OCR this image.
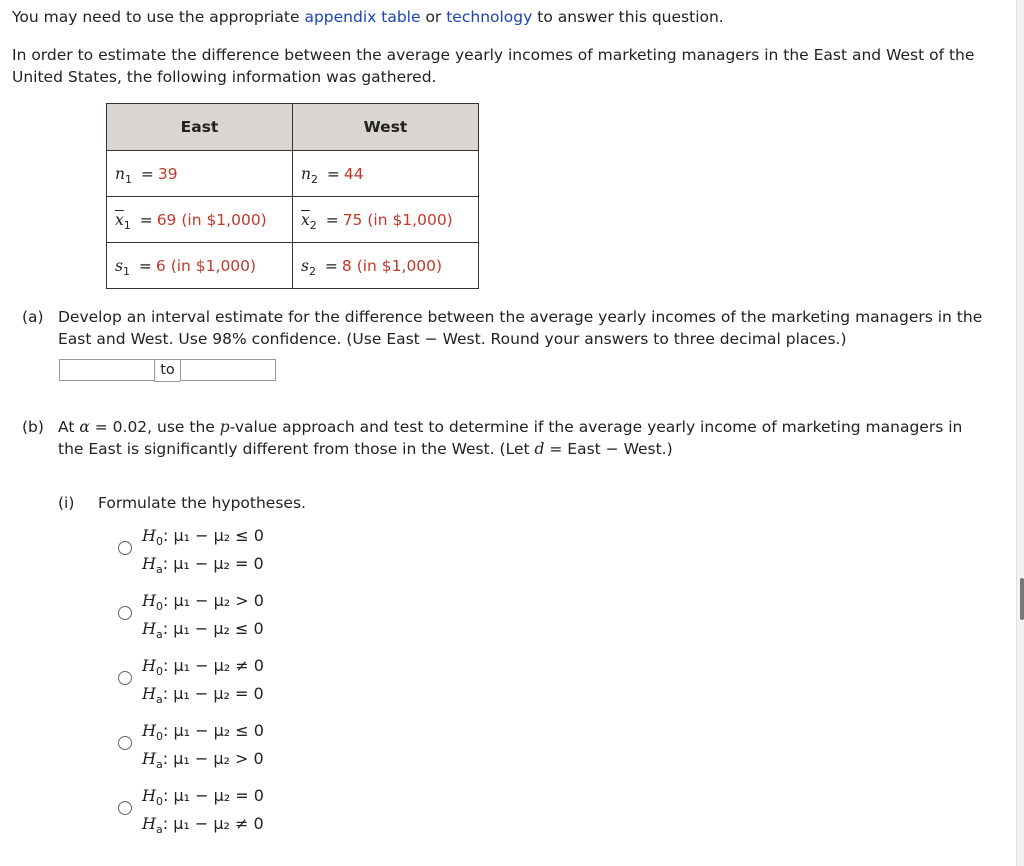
You may need to use the appropriate appendix table or technology to answer this question.
In order to estimate the difference between the average yearly incomes of marketing managers in the East and West of the
United States, the following information was gathered.
East	West
$n_1 = 39$	$n_2 = 44$
$\overline{x}_1 = 69$ (in $1,000)	$\overline{x}_2 = 75$ (in $1,000)
$s_1 = 6$ (in $1,000)	$s_2 = 8$ (in $1,000)
(a) Develop an interval estimate for the difference between the average yearly incomes of the marketing managers in the
East and West. Use 98% confidence. (Use East − West. Round your answers to three decimal places.)
to
(b) At α = 0.02, use the p-value approach and test to determine if the average yearly income of marketing managers in
the East is significantly different from those in the West. (Let d = East − West.)
(i) Formulate the hypotheses.
$H_0$: μ₁ − μ₂ ≤ 0
$H_a$: μ₁ − μ₂ = 0
$H_0$: μ₁ − μ₂ > 0
$H_a$: μ₁ − μ₂ ≤ 0
$H_0$: μ₁ − μ₂ ≠ 0
$H_a$: μ₁ − μ₂ = 0
$H_0$: μ₁ − μ₂ ≤ 0
$H_a$: μ₁ − μ₂ > 0
$H_0$: μ₁ − μ₂ = 0
$H_a$: μ₁ − μ₂ ≠ 0
